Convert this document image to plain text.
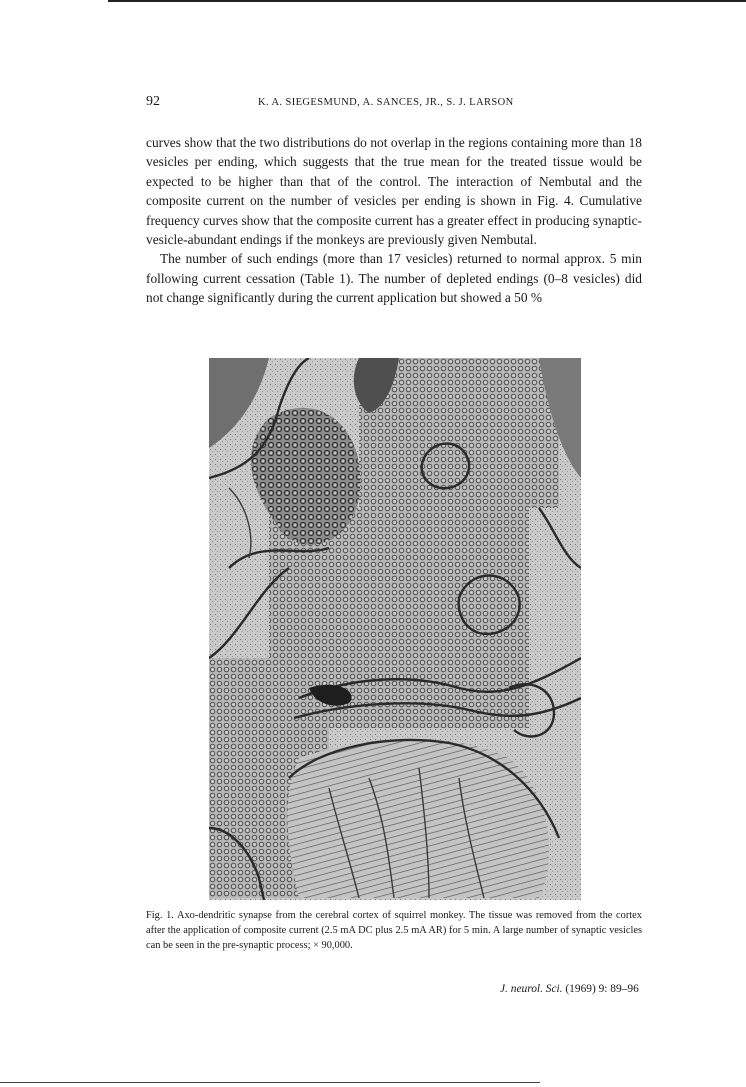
92	K. A. SIEGESMUND, A. SANCES, JR., S. J. LARSON

curves show that the two distributions do not overlap in the regions containing more than 18 vesicles per ending, which suggests that the true mean for the treated tissue would be expected to be higher than that of the control. The interaction of Nembutal and the composite current on the number of vesicles per ending is shown in Fig. 4. Cumulative frequency curves show that the composite current has a greater effect in producing synaptic-vesicle-abundant endings if the monkeys are previously given Nembutal.

The number of such endings (more than 17 vesicles) returned to normal approx. 5 min following current cessation (Table 1). The number of depleted endings (0–8 vesicles) did not change significantly during the current application but showed a 50 %

Fig. 1. Axo-dendritic synapse from the cerebral cortex of squirrel monkey. The tissue was removed from the cortex after the application of composite current (2.5 mA DC plus 2.5 mA AR) for 5 min. A large number of synaptic vesicles can be seen in the pre-synaptic process; × 90,000.
J. neurol. Sci. (1969) 9: 89–96
